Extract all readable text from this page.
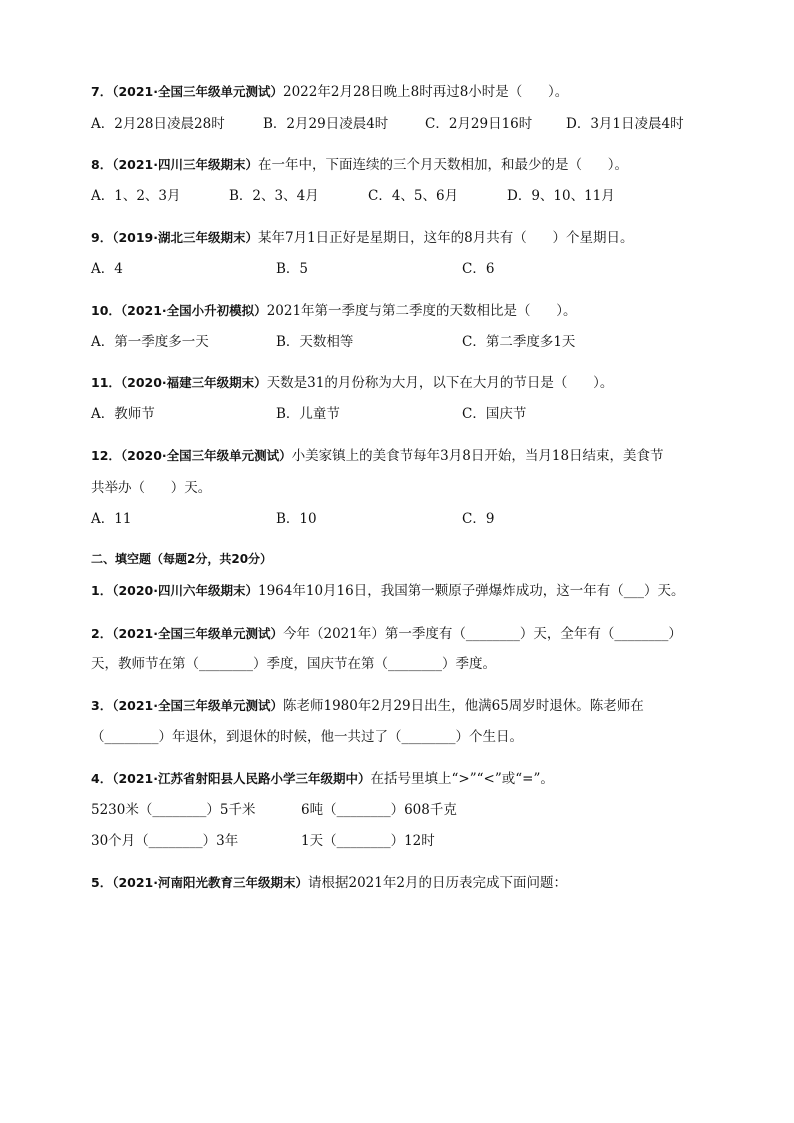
7．（2021·全国三年级单元测试）2022年2月28日晚上8时再过8小时是（      ）。
A．2月28日凌晨28时	B．2月29日凌晨4时	C．2月29日16时 D．3月1日凌晨4时
8．（2021·四川三年级期末）在一年中，下面连续的三个月天数相加，和最少的是（      ）。
A．1、2、3月	B．2、3、4月	C．4、5、6月	D．9、10、11月
9．（2019·湖北三年级期末）某年7月1日正好是星期日，这年的8月共有（      ）个星期日。
A．4	B．5	C．6
10．（2021·全国小升初模拟）2021年第一季度与第二季度的天数相比是（      ）。
A．第一季度多一天	B．天数相等	C．第二季度多1天
11．（2020·福建三年级期末）天数是31的月份称为大月，以下在大月的节日是（      ）。
A．教师节	B．儿童节	C．国庆节
12．（2020·全国三年级单元测试）小美家镇上的美食节每年3月8日开始，当月18日结束，美食节
共举办（      ）天。
A．11	B．10	C．9
二、填空题（每题2分，共20分）
1．（2020·四川六年级期末）1964年10月16日，我国第一颗原子弹爆炸成功，这一年有（___）天。
2．（2021·全国三年级单元测试）今年（2021年）第一季度有（________）天，全年有（________）
天，教师节在第（________）季度，国庆节在第（________）季度。
3．（2021·全国三年级单元测试）陈老师1980年2月29日出生，他满65周岁时退休。陈老师在
（________）年退休，到退休的时候，他一共过了（________）个生日。
4．（2021·江苏省射阳县人民路小学三年级期中）在括号里填上“>”“<”或“=”。
5230米（________）5千米	6吨（________）608千克
30个月（________）3年	1天（________）12时
5．（2021·河南阳光教育三年级期末）请根据2021年2月的日历表完成下面问题：
